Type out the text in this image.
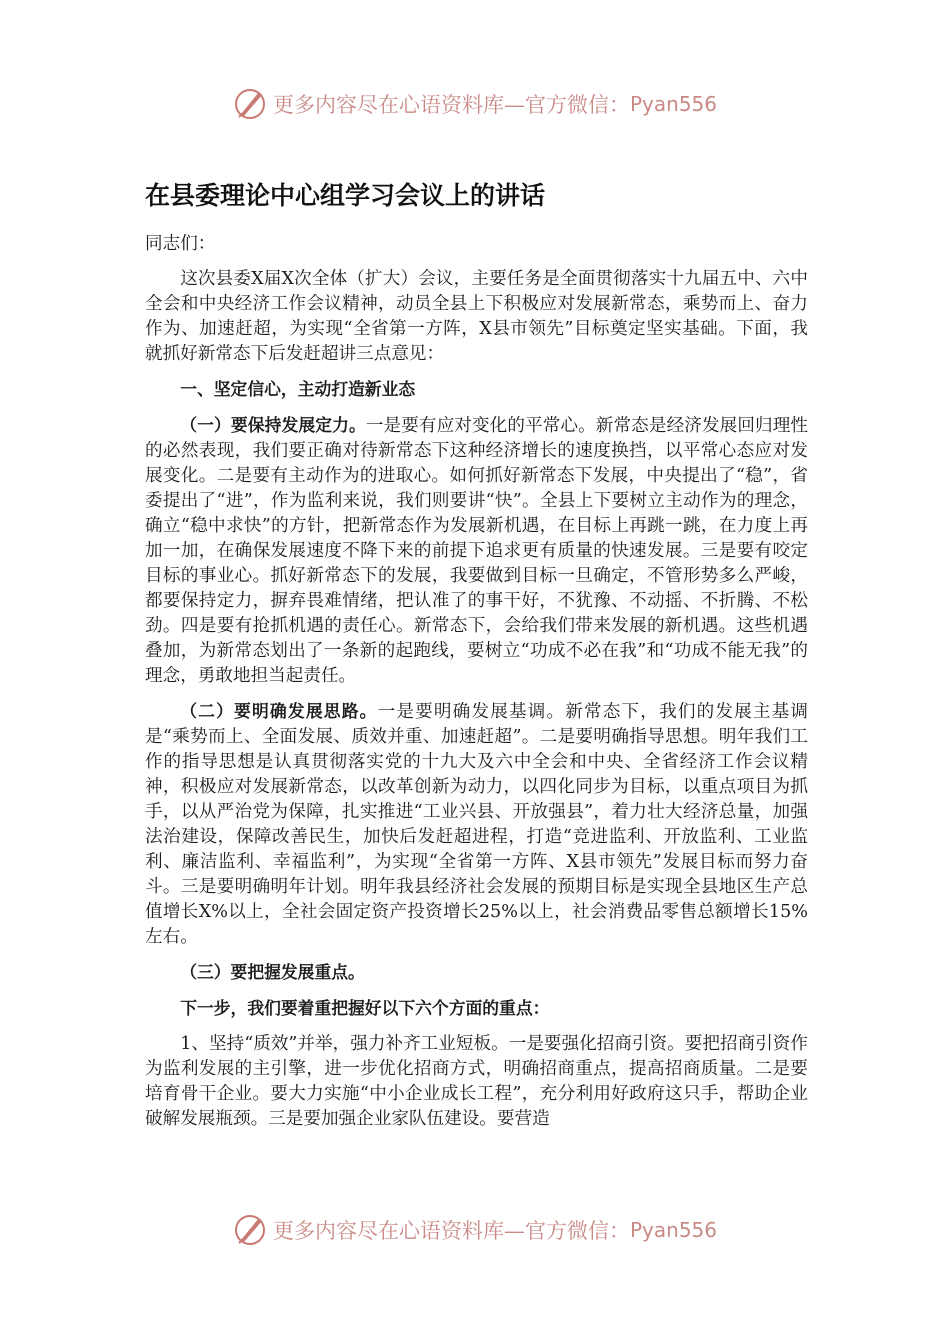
更多内容尽在心语资料库—官方微信： Pyan556
在县委理论中心组学习会议上的讲话

同志们：

这次县委X届X次全体（扩大）会议，主要任务是全面贯彻落实十九届五中、六中全会和中央经济工作会议精神，动员全县上下积极应对发展新常态，乘势而上、奋力作为、加速赶超，为实现“全省第一方阵，X县市领先”目标奠定坚实基础。下面，我就抓好新常态下后发赶超讲三点意见：

一、坚定信心，主动打造新业态

（一）要保持发展定力。一是要有应对变化的平常心。新常态是经济发展回归理性的必然表现，我们要正确对待新常态下这种经济增长的速度换挡，以平常心态应对发展变化。二是要有主动作为的进取心。如何抓好新常态下发展，中央提出了“稳”，省委提出了“进”，作为监利来说，我们则要讲“快”。全县上下要树立主动作为的理念，确立“稳中求快”的方针，把新常态作为发展新机遇，在目标上再跳一跳，在力度上再加一加，在确保发展速度不降下来的前提下追求更有质量的快速发展。三是要有咬定目标的事业心。抓好新常态下的发展，我要做到目标一旦确定，不管形势多么严峻，都要保持定力，摒弃畏难情绪，把认准了的事干好，不犹豫、不动摇、不折腾、不松劲。四是要有抢抓机遇的责任心。新常态下，会给我们带来发展的新机遇。这些机遇叠加，为新常态划出了一条新的起跑线，要树立“功成不必在我”和“功成不能无我”的理念，勇敢地担当起责任。

（二）要明确发展思路。一是要明确发展基调。新常态下，我们的发展主基调是“乘势而上、全面发展、质效并重、加速赶超”。二是要明确指导思想。明年我们工作的指导思想是认真贯彻落实党的十九大及六中全会和中央、全省经济工作会议精神，积极应对发展新常态，以改革创新为动力，以四化同步为目标，以重点项目为抓手，以从严治党为保障，扎实推进“工业兴县、开放强县”，着力壮大经济总量，加强法治建设，保障改善民生，加快后发赶超进程，打造“竞进监利、开放监利、工业监利、廉洁监利、幸福监利”，为实现“全省第一方阵、X县市领先”发展目标而努力奋斗。三是要明确明年计划。明年我县经济社会发展的预期目标是实现全县地区生产总值增长X%以上，全社会固定资产投资增长25%以上，社会消费品零售总额增长15%左右。

（三）要把握发展重点。

下一步，我们要着重把握好以下六个方面的重点：

1、坚持“质效”并举，强力补齐工业短板。一是要强化招商引资。要把招商引资作为监利发展的主引擎，进一步优化招商方式，明确招商重点，提高招商质量。二是要培育骨干企业。要大力实施“中小企业成长工程”，充分利用好政府这只手，帮助企业破解发展瓶颈。三是要加强企业家队伍建设。要营造

更多内容尽在心语资料库—官方微信： Pyan556
